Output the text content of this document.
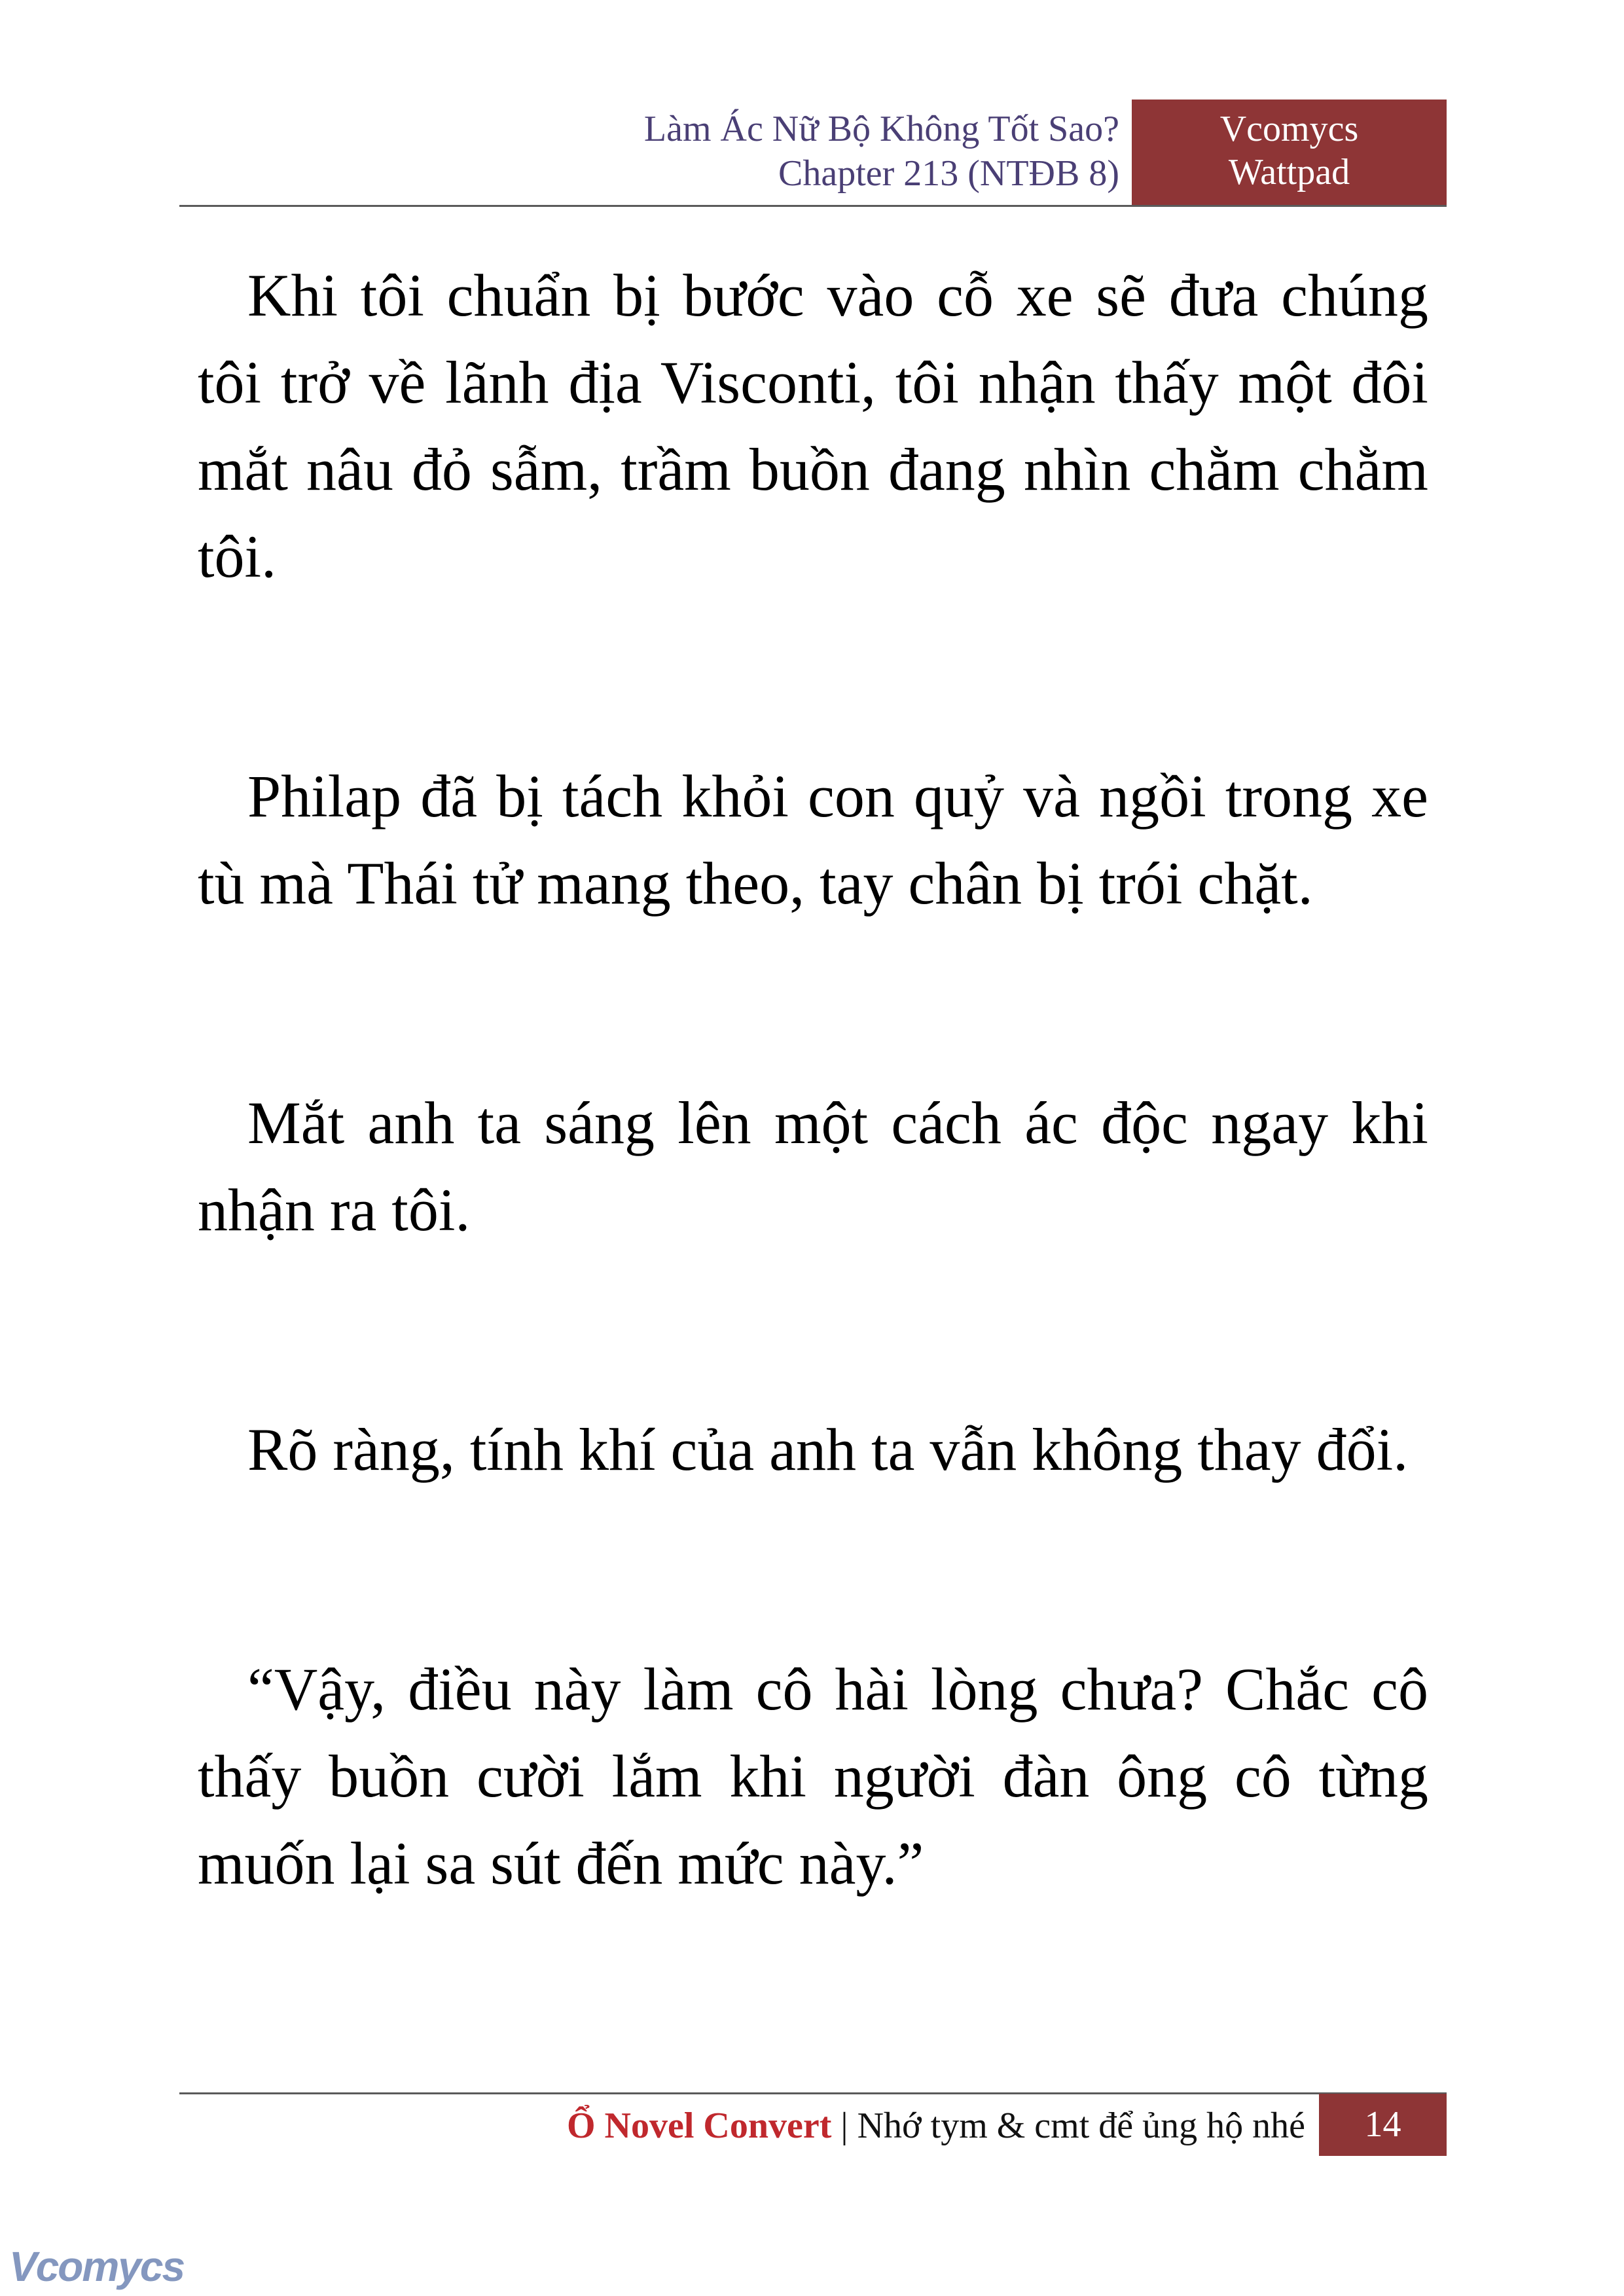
Làm Ác Nữ Bộ Không Tốt Sao?
Chapter 213 (NTĐB 8)
Vcomycs
Wattpad

Khi tôi chuẩn bị bước vào cỗ xe sẽ đưa chúng tôi trở về lãnh địa Visconti, tôi nhận thấy một đôi mắt nâu đỏ sẫm, trầm buồn đang nhìn chằm chằm tôi.

Philap đã bị tách khỏi con quỷ và ngồi trong xe tù mà Thái tử mang theo, tay chân bị trói chặt.

Mắt anh ta sáng lên một cách ác độc ngay khi nhận ra tôi.

Rõ ràng, tính khí của anh ta vẫn không thay đổi.

“Vậy, điều này làm cô hài lòng chưa? Chắc cô thấy buồn cười lắm khi người đàn ông cô từng muốn lại sa sút đến mức này.”

Ổ Novel Convert | Nhớ tym & cmt để ủng hộ nhé	14
Vcomycs
